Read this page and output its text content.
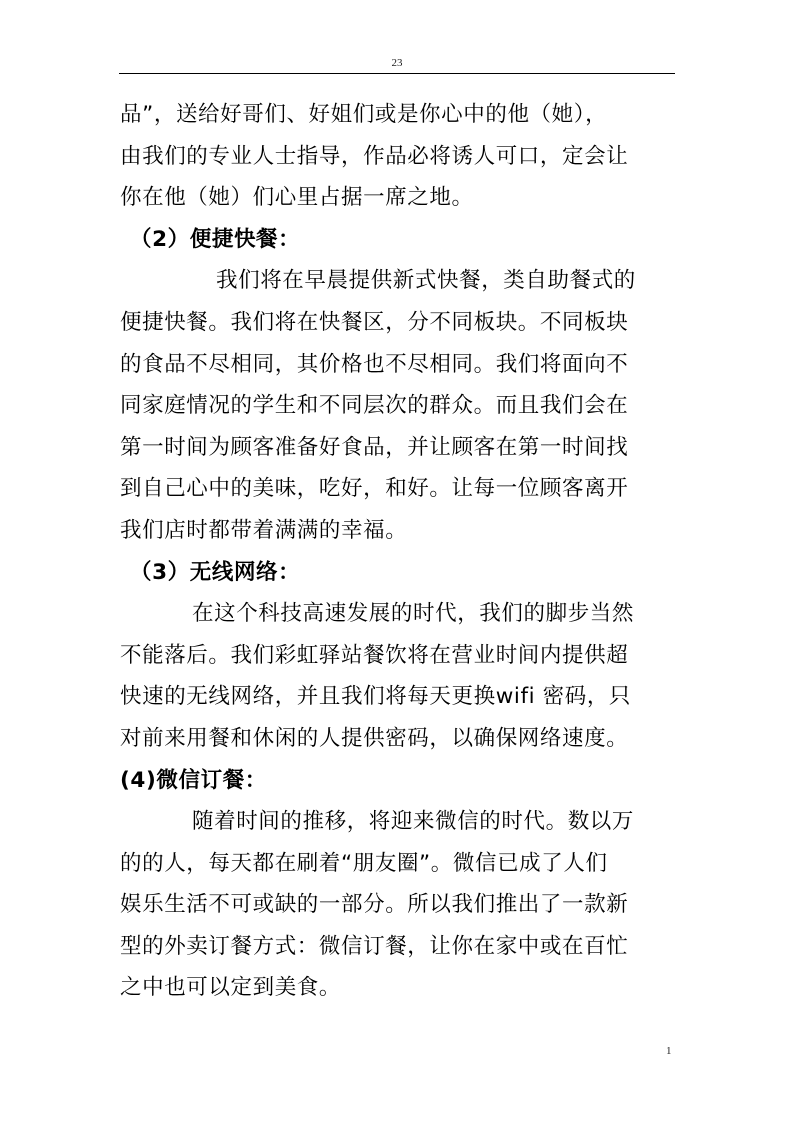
23
品”，送给好哥们、好姐们或是你心中的他（她），
由我们的专业人士指导，作品必将诱人可口，定会让
你在他（她）们心里占据一席之地。
（2）便捷快餐：
我们将在早晨提供新式快餐，类自助餐式的
便捷快餐。我们将在快餐区，分不同板块。不同板块
的食品不尽相同，其价格也不尽相同。我们将面向不
同家庭情况的学生和不同层次的群众。而且我们会在
第一时间为顾客准备好食品，并让顾客在第一时间找
到自己心中的美味，吃好，和好。让每一位顾客离开
我们店时都带着满满的幸福。
（3）无线网络：
在这个科技高速发展的时代，我们的脚步当然
不能落后。我们彩虹驿站餐饮将在营业时间内提供超
快速的无线网络，并且我们将每天更换wifi 密码，只
对前来用餐和休闲的人提供密码，以确保网络速度。
(4)微信订餐：
随着时间的推移，将迎来微信的时代。数以万
的的人，每天都在刷着“朋友圈”。微信已成了人们
娱乐生活不可或缺的一部分。所以我们推出了一款新
型的外卖订餐方式：微信订餐，让你在家中或在百忙
之中也可以定到美食。
1
